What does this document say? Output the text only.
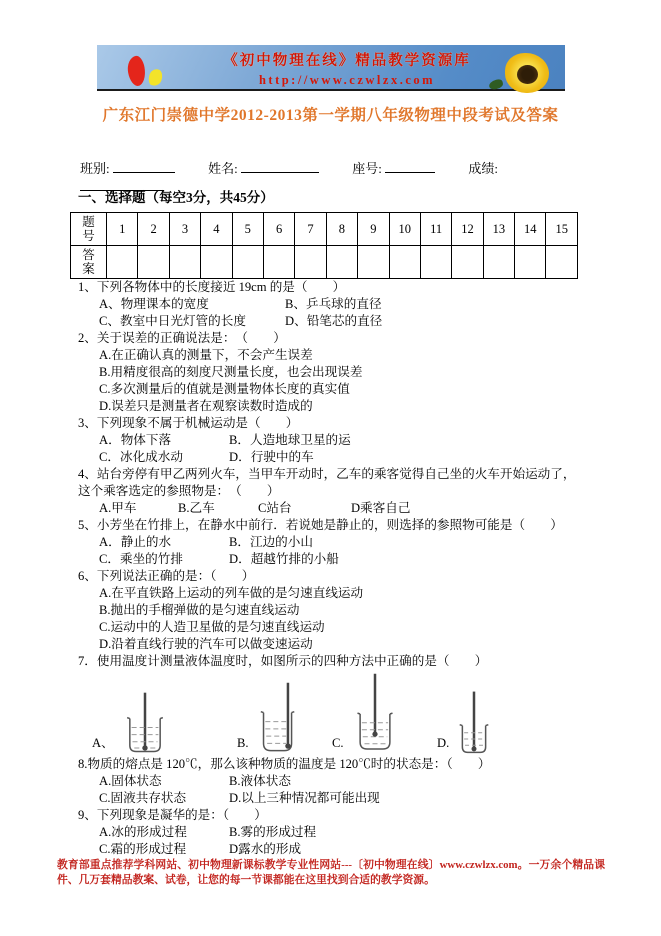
《初中物理在线》精品教学资源库
http://www.czwlzx.com
广东江门崇德中学2012-2013第一学期八年级物理中段考试及答案
班别:	姓名:	座号:	成绩:
一、选择题（每空3分，共45分）
题号	1	2	3	4	5	6	7	8	9	10	11	12	13	14	15
答案															
1、下列各物体中的长度接近 19cm 的是（　　）
A、物理课本的宽度	B、乒乓球的直径
C、教室中日光灯管的长度	D、铅笔芯的直径
2、关于误差的正确说法是：　（　　）
A.在正确认真的测量下，不会产生误差
B.用精度很高的刻度尺测量长度，也会出现误差
C.多次测量后的值就是测量物体长度的真实值
D.误差只是测量者在观察读数时造成的
3、下列现象不属于机械运动是（　　）
A．物体下落	B．人造地球卫星的运
C．冰化成水动	D．行驶中的车
4、站台旁停有甲乙两列火车，当甲车开动时，乙车的乘客觉得自己坐的火车开始运动了，这个乘客选定的参照物是：　（　　）
A.甲车	B.乙车	C站台	D乘客自己
5、小芳坐在竹排上，在静水中前行．若说她是静止的，则选择的参照物可能是（　　）
A．静止的水	B．江边的小山
C．乘坐的竹排	D．超越竹排的小船
6、下列说法正确的是：（　　）
A.在平直铁路上运动的列车做的是匀速直线运动
B.抛出的手榴弹做的是匀速直线运动
C.运动中的人造卫星做的是匀速直线运动
D.沿着直线行驶的汽车可以做变速运动
7．使用温度计测量液体温度时，如图所示的四种方法中正确的是（　　）
A、	B.	C.	D.
8.物质的熔点是 120℃，那么该种物质的温度是 120℃时的状态是：（　　）
A.固体状态	B.液体状态
C.固液共存状态	D.以上三种情况都可能出现
9、下列现象是凝华的是：（　　）
A.冰的形成过程	B.雾的形成过程
C.霜的形成过程	D露水的形成
教育部重点推荐学科网站、初中物理新课标教学专业性网站---〔初中物理在线〕www.czwlzx.com。一万余个精品课件、几万套精品教案、试卷，让您的每一节课都能在这里找到合适的教学资源。
